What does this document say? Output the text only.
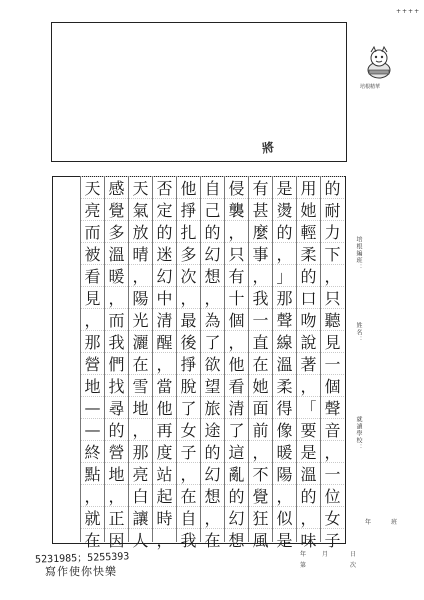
++++
培根精華
將
的
耐
力
下
，
只
聽
見
一
個
聲
音
，
一
位
女
子
用
她
輕
柔
的
口
吻
說
著
，
「
要
是
溫
的
，
味
是
燙
的
，
」
那
聲
線
溫
柔
得
像
暖
陽
，
似
是
有
甚
麼
事
，
我
一
直
在
她
面
前
，
不
覺
狂
風
侵
襲
，
只
有
十
個
，
他
看
清
了
這
亂
的
幻
想
自
己
的
幻
想
，
為
了
欲
望
旅
途
的
幻
想
，
在
他
掙
扎
多
次
，
最
後
掙
脫
了
女
子
，
在
自
我
否
定
的
迷
幻
中
清
醒
，
當
他
再
度
站
起
時
，
天
氣
放
晴
，
陽
光
灑
在
雪
地
，
那
亮
白
讓
人
感
覺
多
溫
暖
，
而
我
們
找
尋
的
營
地
，
正
因
天
亮
而
被
看
見
，
那
營
地
—
—
終
點
，
就
在
培根編班：
姓名：
就讀學校：
年	班
年	月	日
第	次
5231985；5255393
寫作使你快樂
